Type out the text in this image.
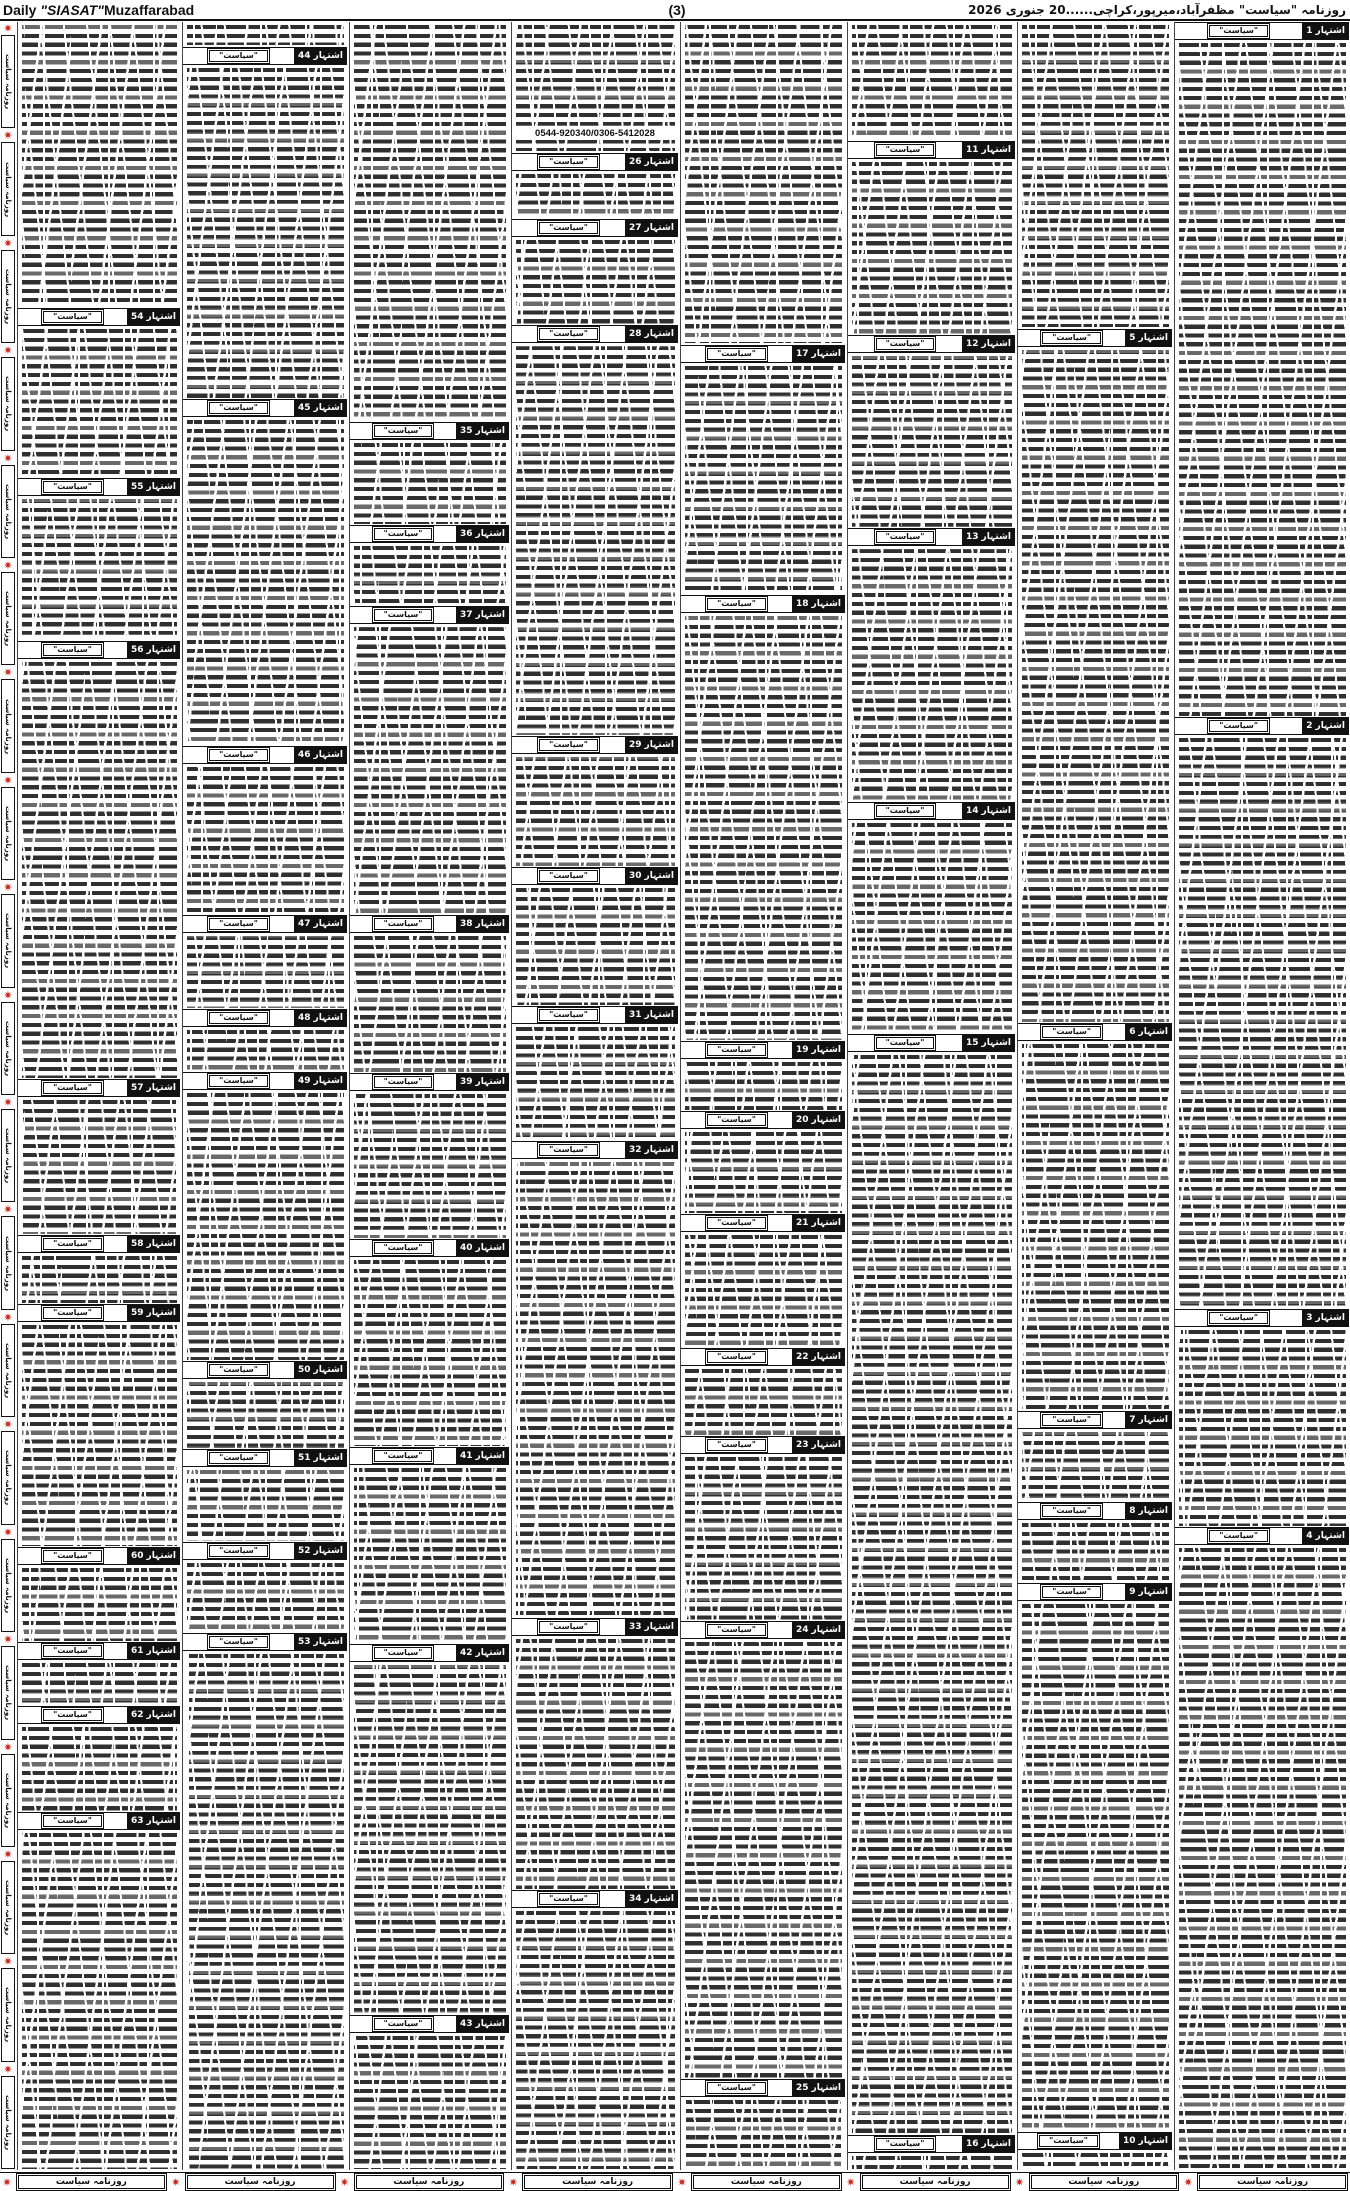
Daily "SIASAT"Muzaffarabad	(3)	روزنامہ "سیاست" مظفرآباد،میرپور،کراچی......20 جنوری 2026
اشتہار
1
"سیاست"
اشتہار
2
"سیاست"
اشتہار
3
"سیاست"
اشتہار
4
"سیاست"
اشتہار
5
"سیاست"
اشتہار
6
"سیاست"
اشتہار
7
"سیاست"
اشتہار
8
"سیاست"
اشتہار
9
"سیاست"
اشتہار
10
"سیاست"
اشتہار
11
"سیاست"
اشتہار
12
"سیاست"
اشتہار
13
"سیاست"
اشتہار
14
"سیاست"
اشتہار
15
"سیاست"
اشتہار
16
"سیاست"
اشتہار
17
"سیاست"
اشتہار
18
"سیاست"
اشتہار
19
"سیاست"
اشتہار
20
"سیاست"
اشتہار
21
"سیاست"
اشتہار
22
"سیاست"
اشتہار
23
"سیاست"
اشتہار
24
"سیاست"
اشتہار
25
"سیاست"
0544-920340/0306-5412028
اشتہار
26
"سیاست"
اشتہار
27
"سیاست"
اشتہار
28
"سیاست"
اشتہار
29
"سیاست"
اشتہار
30
"سیاست"
اشتہار
31
"سیاست"
اشتہار
32
"سیاست"
اشتہار
33
"سیاست"
اشتہار
34
"سیاست"
اشتہار
35
"سیاست"
اشتہار
36
"سیاست"
اشتہار
37
"سیاست"
اشتہار
38
"سیاست"
اشتہار
39
"سیاست"
اشتہار
40
"سیاست"
اشتہار
41
"سیاست"
اشتہار
42
"سیاست"
اشتہار
43
"سیاست"
اشتہار
44
"سیاست"
اشتہار
45
"سیاست"
اشتہار
46
"سیاست"
اشتہار
47
"سیاست"
اشتہار
48
"سیاست"
اشتہار
49
"سیاست"
اشتہار
50
"سیاست"
اشتہار
51
"سیاست"
اشتہار
52
"سیاست"
اشتہار
53
"سیاست"
اشتہار
54
"سیاست"
اشتہار
55
"سیاست"
اشتہار
56
"سیاست"
اشتہار
57
"سیاست"
اشتہار
58
"سیاست"
اشتہار
59
"سیاست"
اشتہار
60
"سیاست"
اشتہار
61
"سیاست"
اشتہار
62
"سیاست"
اشتہار
63
"سیاست"
✷
روزنامہ سیاست
✷
روزنامہ سیاست
✷
روزنامہ سیاست
✷
روزنامہ سیاست
✷
روزنامہ سیاست
✷
روزنامہ سیاست
✷
روزنامہ سیاست
✷
روزنامہ سیاست
✷
روزنامہ سیاست
✷
روزنامہ سیاست
✷
روزنامہ سیاست
✷
روزنامہ سیاست
✷
روزنامہ سیاست
✷
روزنامہ سیاست
✷
روزنامہ سیاست
✷
روزنامہ سیاست
✷
روزنامہ سیاست
✷
روزنامہ سیاست
✷
روزنامہ سیاست
✷
روزنامہ سیاست
✷
روزنامہ سیاست ✷	روزنامہ سیاست ✷	روزنامہ سیاست ✷	روزنامہ سیاست ✷	روزنامہ سیاست ✷	روزنامہ سیاست ✷	روزنامہ سیاست ✷	روزنامہ سیاست
